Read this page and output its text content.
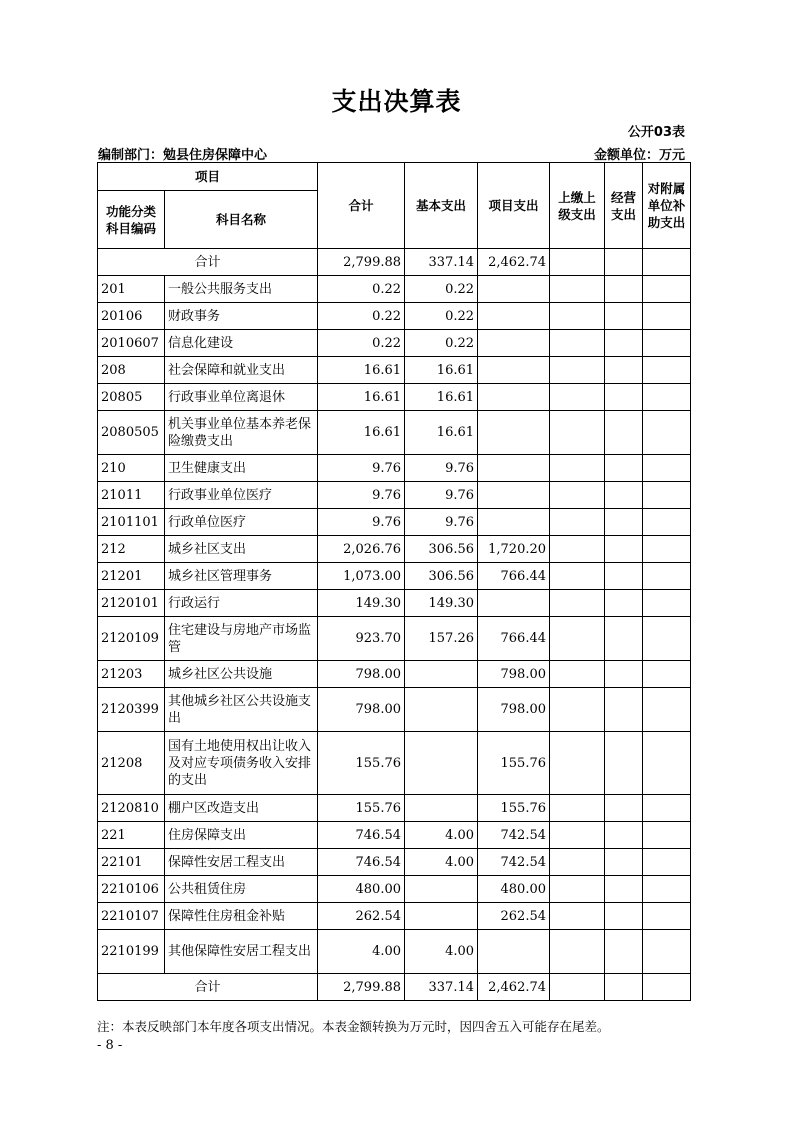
支出决算表
公开03表
编制部门：勉县住房保障中心	金额单位：万元
项目		合计	基本支出	项目支出	上缴上级支出	经营支出	对附属单位补助支出
功能分类科目编码	科目名称						
合计		2,799.88	337.14	2,462.74			
201	一般公共服务支出	0.22	0.22				
20106	财政事务	0.22	0.22				
2010607	信息化建设	0.22	0.22				
208	社会保障和就业支出	16.61	16.61				
20805	行政事业单位离退休	16.61	16.61				
2080505	机关事业单位基本养老保险缴费支出	16.61	16.61				
210	卫生健康支出	9.76	9.76				
21011	行政事业单位医疗	9.76	9.76				
2101101	行政单位医疗	9.76	9.76				
212	城乡社区支出	2,026.76	306.56	1,720.20			
21201	城乡社区管理事务	1,073.00	306.56	766.44			
2120101	行政运行	149.30	149.30				
2120109	住宅建设与房地产市场监管	923.70	157.26	766.44			
21203	城乡社区公共设施	798.00		798.00			
2120399	其他城乡社区公共设施支出	798.00		798.00			
21208	国有土地使用权出让收入及对应专项债务收入安排的支出	155.76		155.76			
2120810	棚户区改造支出	155.76		155.76			
221	住房保障支出	746.54	4.00	742.54			
22101	保障性安居工程支出	746.54	4.00	742.54			
2210106	公共租赁住房	480.00		480.00			
2210107	保障性住房租金补贴	262.54		262.54			
2210199	其他保障性安居工程支出	4.00	4.00				
合计		2,799.88	337.14	2,462.74			
注：本表反映部门本年度各项支出情况。本表金额转换为万元时，因四舍五入可能存在尾差。
- 8 -
